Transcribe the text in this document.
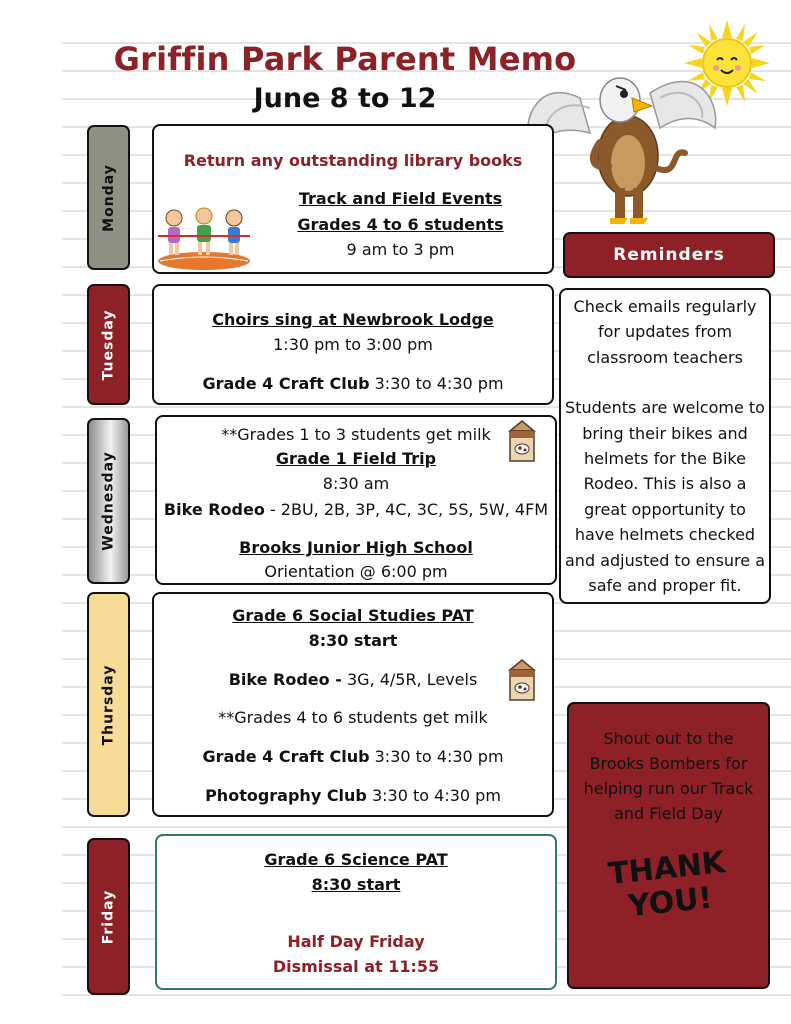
Griffin Park Parent Memo
June 8 to 12
Monday
Return any outstanding library books
Track and Field Events
Grades 4 to 6 students
9 am to 3 pm	Reminders
Check emails regularly for updates from classroom teachers
Students are welcome to bring their bikes and helmets for the Bike Rodeo. This is also a great opportunity to have helmets checked and adjusted to ensure a safe and proper fit.
Tuesday	Choirs sing at Newbrook Lodge
1:30 pm to 3:00 pm
Grade 4 Craft Club 3:30 to 4:30 pm
Wednesday
**Grades 1 to 3 students get milk
Grade 1 Field Trip
8:30 am
Bike Rodeo - 2BU, 2B, 3P, 4C, 3C, 5S, 5W, 4FM
Brooks Junior High School
Orientation @ 6:00 pm
Thursday
Grade 6 Social Studies PAT
8:30 start
Bike Rodeo - 3G, 4/5R, Levels
**Grades 4 to 6 students get milk
Grade 4 Craft Club 3:30 to 4:30 pm
Photography Club 3:30 to 4:30 pm
Shout out to the Brooks Bombers for helping run our Track and Field Day
THANK
YOU!
Friday
Grade 6 Science PAT
8:30 start
Half Day Friday
Dismissal at 11:55
